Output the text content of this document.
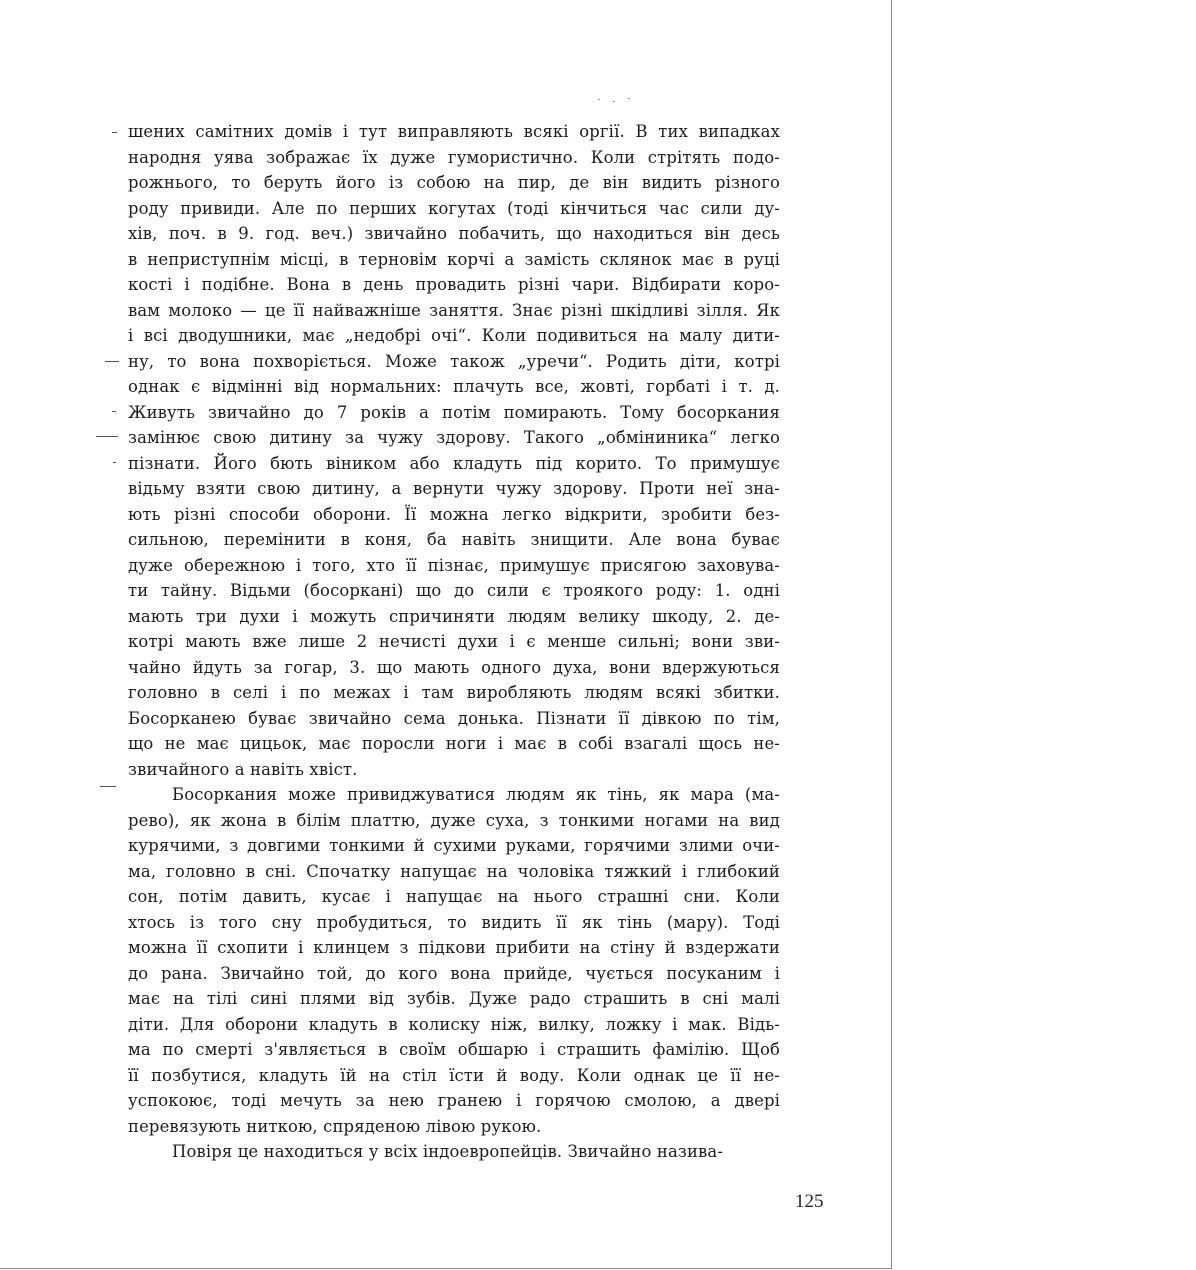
шених самітних домів і тут виправляють всякі оргії. В тих випадках
народня уява зображає їх дуже гумористично. Коли стрітять подо-
рожнього, то беруть його із собою на пир, де він видить різного
роду привиди. Але по перших когутах (тоді кінчиться час сили ду-
хів, поч. в 9. год. веч.) звичайно побачить, що находиться він десь
в неприступнім місці, в терновім корчі а замість склянок має в руці
кості і подібне. Вона в день провадить різні чари. Відбирати коро-
вам молоко — це її найважніше заняття. Знає різні шкідливі зілля. Як
і всі дводушники, має „недобрі очі“. Коли подивиться на малу дити-
ну, то вона похворіється. Може також „уречи“. Родить діти, котрі
однак є відмінні від нормальних: плачуть все, жовті, горбаті і т. д.
Живуть звичайно до 7 років а потім помирають. Тому босоркания
замінює свою дитину за чужу здорову. Такого „обміниника“ легко
пізнати. Його бють віником або кладуть під корито. То примушує
відьму взяти свою дитину, а вернути чужу здорову. Проти неї зна-
ють різні способи оборони. Її можна легко відкрити, зробити без-
сильною, перемінити в коня, ба навіть знищити. Але вона буває
дуже обережною і того, хто її пізнає, примушує присягою заховува-
ти тайну. Відьми (босоркані) що до сили є троякого роду: 1. одні
мають три духи і можуть спричиняти людям велику шкоду, 2. де-
котрі мають вже лише 2 нечисті духи і є менше сильні; вони зви-
чайно йдуть за гогар, 3. що мають одного духа, вони вдержуються
головно в селі і по межах і там виробляють людям всякі збитки.
Босорканею буває звичайно сема донька. Пізнати її дівкою по тім,
що не має цицьок, має поросли ноги і має в собі взагалі щось не-
звичайного а навіть хвіст.
Босоркания може привиджуватися людям як тінь, як мара (ма-
рево), як жона в білім платтю, дуже суха, з тонкими ногами на вид
курячими, з довгими тонкими й сухими руками, горячими злими очи-
ма, головно в сні. Спочатку напущає на чоловіка тяжкий і глибокий
сон, потім давить, кусає і напущає на нього страшні сни. Коли
хтось із того сну пробудиться, то видить її як тінь (мару). Тоді
можна її схопити і клинцем з підкови прибити на стіну й вздержати
до рана. Звичайно той, до кого вона прийде, чується посуканим і
має на тілі сині плями від зубів. Дуже радо страшить в сні малі
діти. Для оборони кладуть в колиску ніж, вилку, ложку і мак. Відь-
ма по смерті з'являється в своїм обшарю і страшить фамілію. Щоб
її позбутися, кладуть їй на стіл їсти й воду. Коли однак це її не-
успокоює, тоді мечуть за нею гранею і горячою смолою, а двері
перевязують ниткою, спряденою лівою рукою.
Повіря це находиться у всіх індоевропейців. Звичайно назива-
125
